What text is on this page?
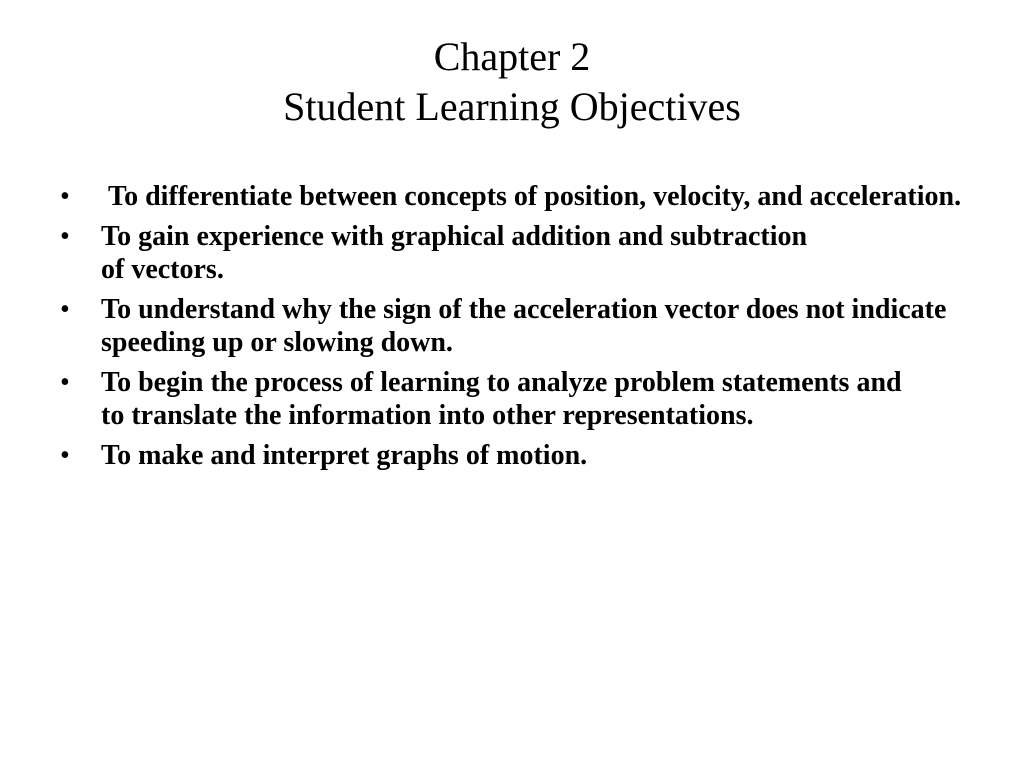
Chapter 2
Student Learning Objectives
• To differentiate between concepts of position, velocity, and acceleration.
• To gain experience with graphical addition and subtraction of vectors.
• To understand why the sign of the acceleration vector does not indicate speeding up or slowing down.
• To begin the process of learning to analyze problem statements and to translate the information into other representations.
• To make and interpret graphs of motion.
